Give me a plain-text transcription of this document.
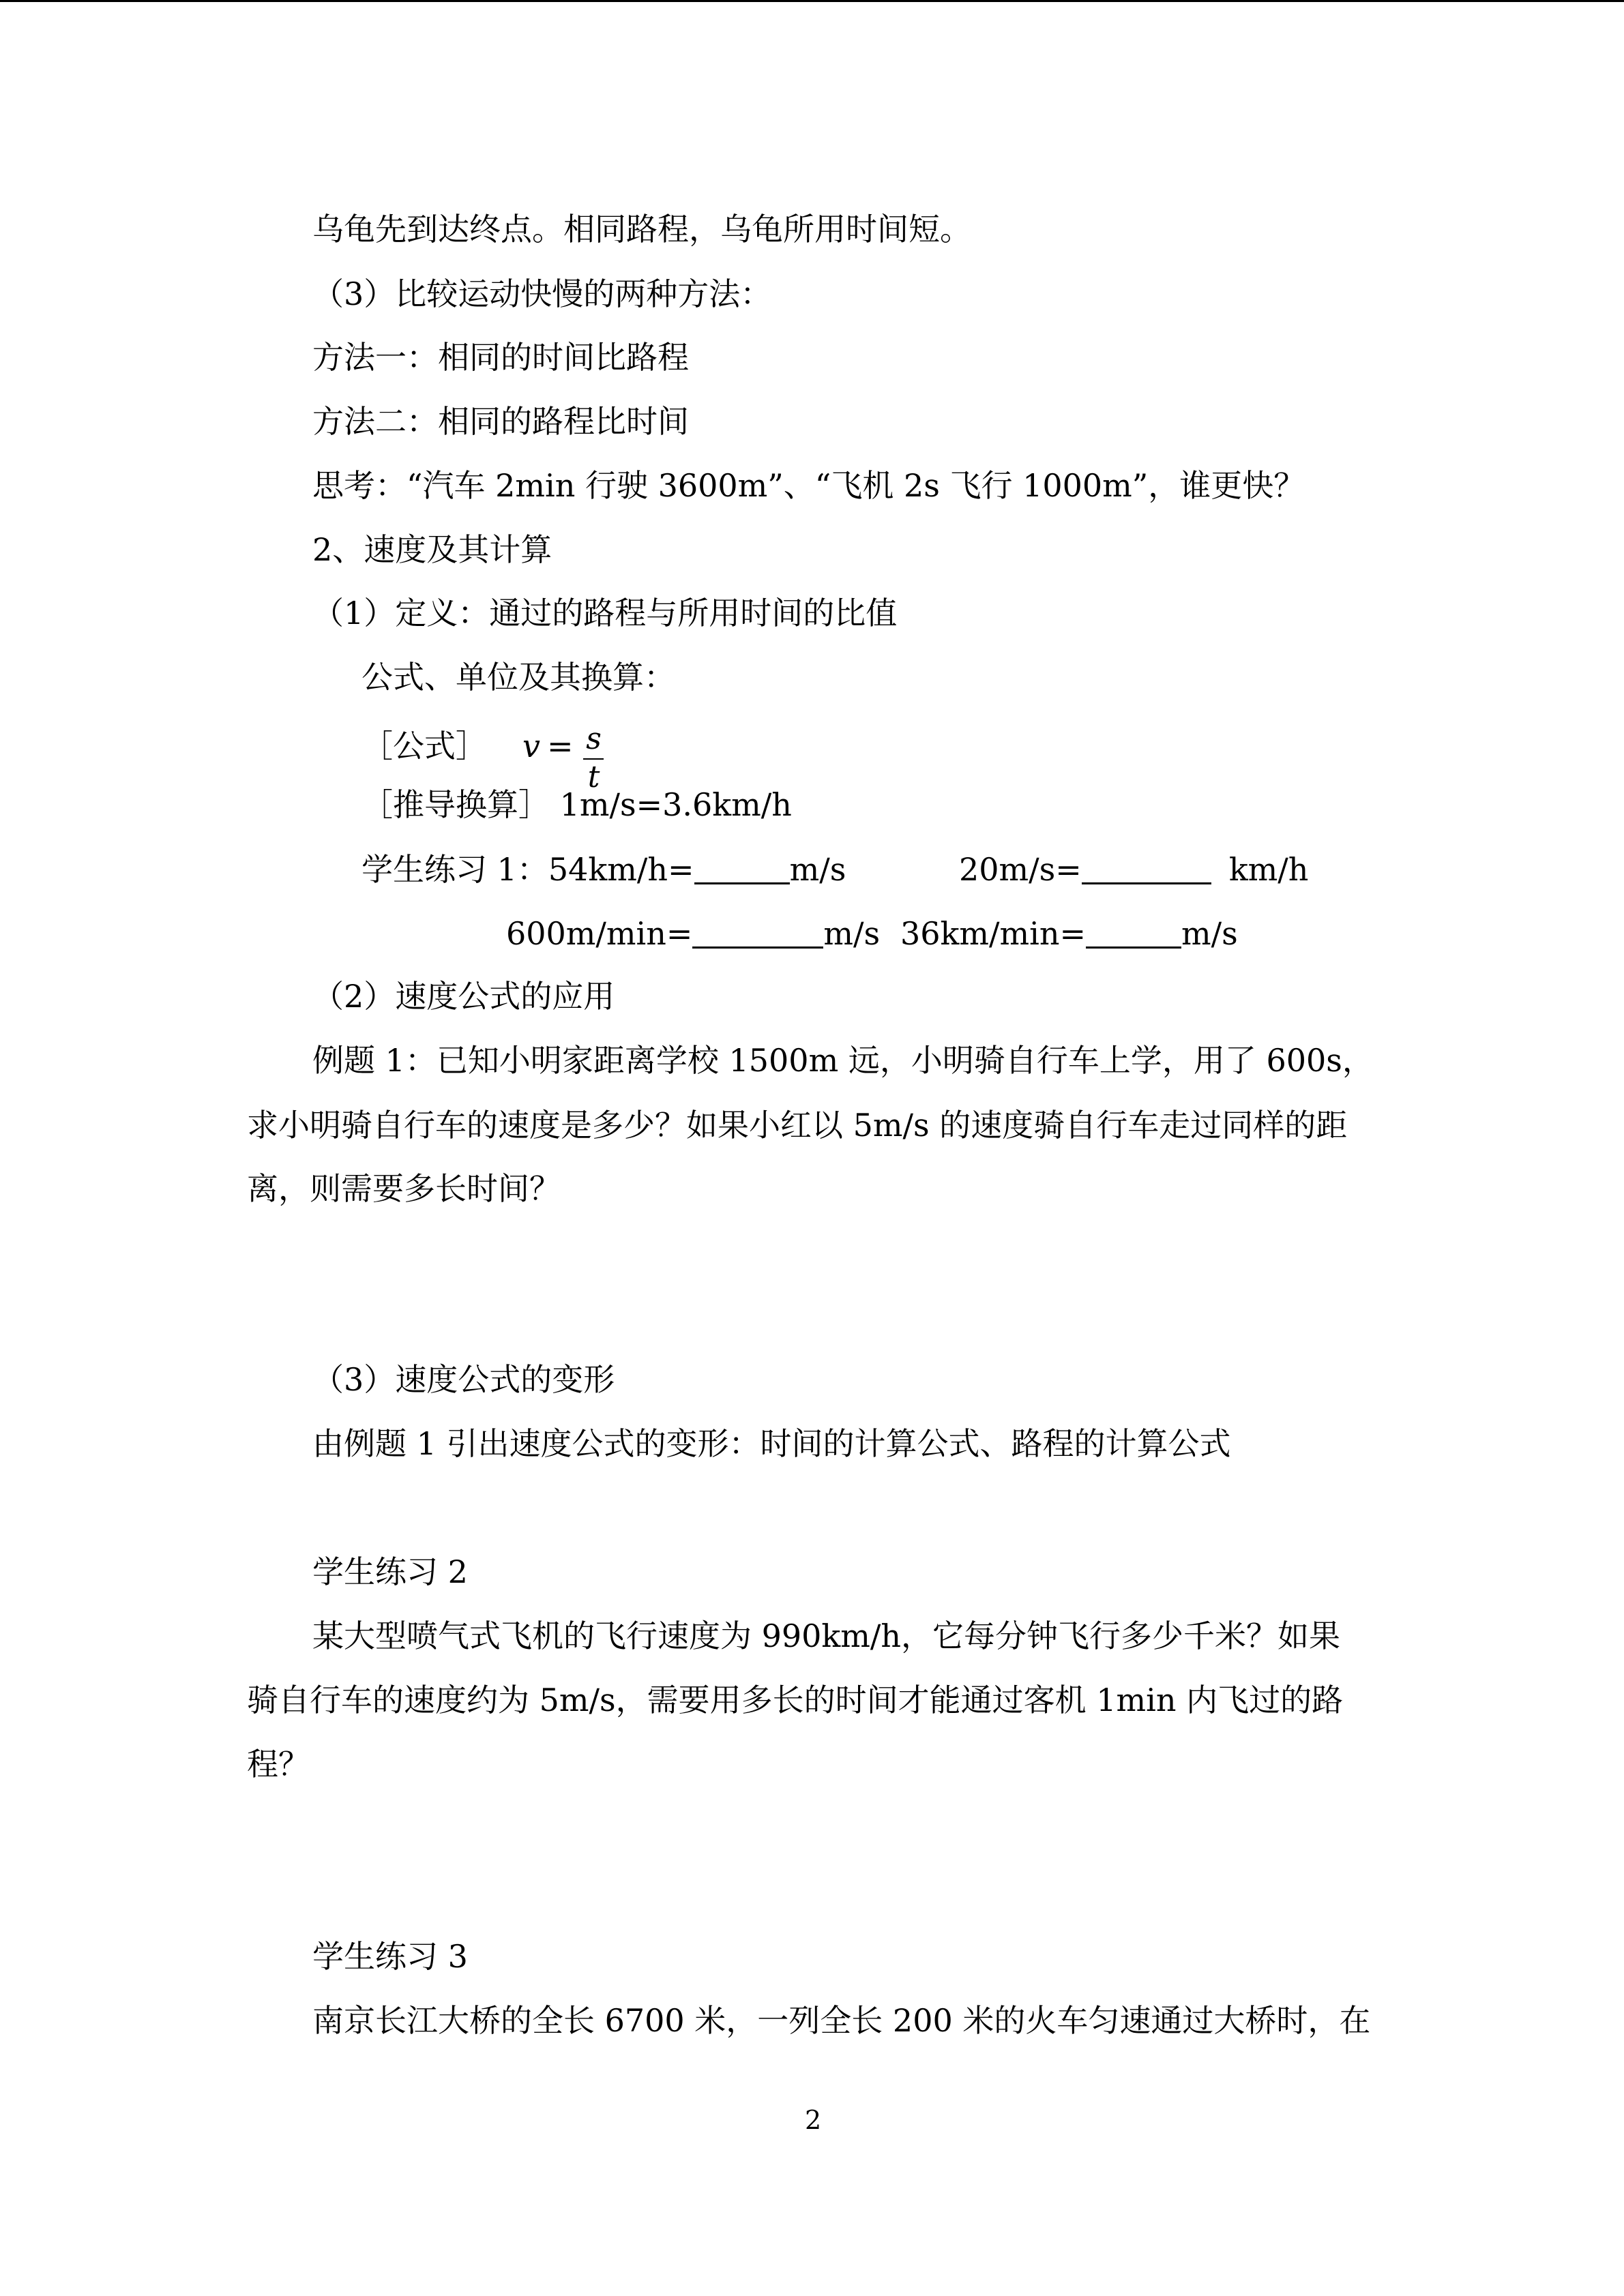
乌龟先到达终点。相同路程，乌龟所用时间短。
（3）比较运动快慢的两种方法：
方法一：相同的时间比路程
方法二：相同的路程比时间
思考：“汽车 2min 行驶 3600m”、“飞机 2s 飞行 1000m”，谁更快？
2、速度及其计算
（1）定义：通过的路程与所用时间的比值
公式、单位及其换算：
［公式］ $v = \frac{s}{t}$
［推导换算］ 1m/s=3.6km/h
学生练习 1：54km/h=	m/s	20m/s=	km/h
600m/min=	m/s 36km/min=	m/s
（2）速度公式的应用
例题 1：已知小明家距离学校 1500m 远，小明骑自行车上学，用了 600s，
求小明骑自行车的速度是多少？如果小红以 5m/s 的速度骑自行车走过同样的距
离，则需要多长时间？
（3）速度公式的变形
由例题 1 引出速度公式的变形：时间的计算公式、路程的计算公式
学生练习 2
某大型喷气式飞机的飞行速度为 990km/h，它每分钟飞行多少千米？如果
骑自行车的速度约为 5m/s，需要用多长的时间才能通过客机 1min 内飞过的路
程？
学生练习 3
南京长江大桥的全长 6700 米，一列全长 200 米的火车匀速通过大桥时，在
2
